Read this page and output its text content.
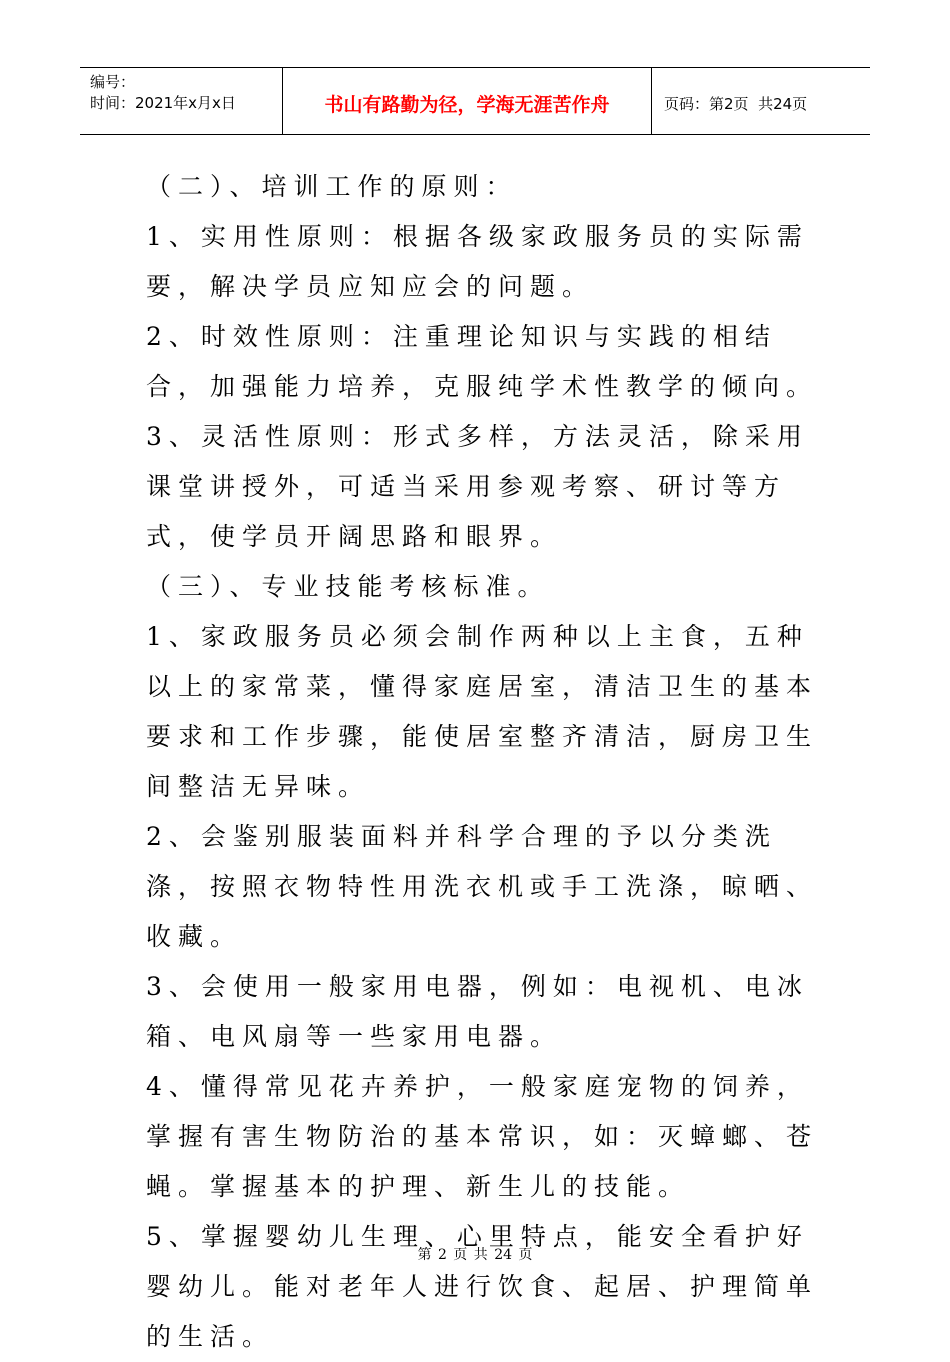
编号：
时间：2021年x月x日	书山有路勤为径，学海无涯苦作舟	页码：第2页  共24页

（二）、培训工作的原则：

1、实用性原则：根据各级家政服务员的实际需要，解决学员应知应会的问题。

2、时效性原则：注重理论知识与实践的相结合，加强能力培养，克服纯学术性教学的倾向。

3、灵活性原则：形式多样，方法灵活，除采用课堂讲授外，可适当采用参观考察、研讨等方式，使学员开阔思路和眼界。

（三）、专业技能考核标准。

1、家政服务员必须会制作两种以上主食，五种以上的家常菜，懂得家庭居室，清洁卫生的基本要求和工作步骤，能使居室整齐清洁，厨房卫生间整洁无异味。

2、会鉴别服装面料并科学合理的予以分类洗涤，按照衣物特性用洗衣机或手工洗涤，晾晒、收藏。

3、会使用一般家用电器，例如：电视机、电冰箱、电风扇等一些家用电器。

4、懂得常见花卉养护，一般家庭宠物的饲养，掌握有害生物防治的基本常识，如：灭蟑螂、苍蝇。掌握基本的护理、新生儿的技能。

5、掌握婴幼儿生理、心里特点，能安全看护好婴幼儿。能对老年人进行饮食、起居、护理简单的生活。

第 2 页 共 24 页
